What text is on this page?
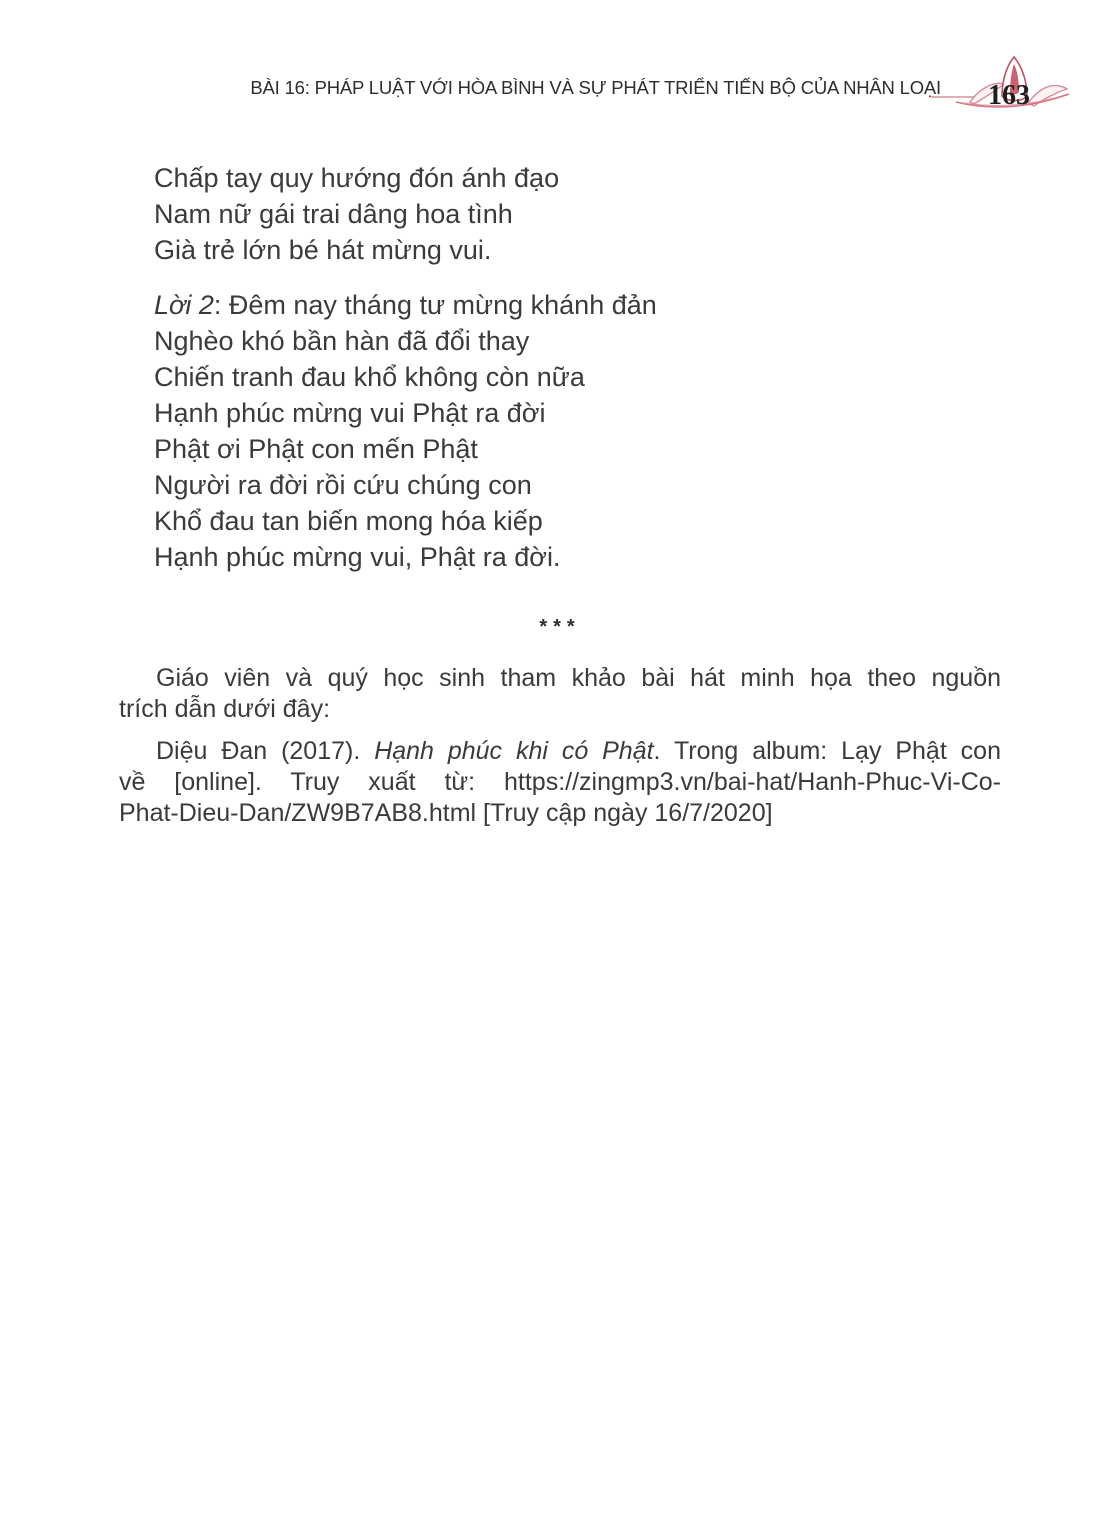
BÀI 16: PHÁP LUẬT VỚI HÒA BÌNH VÀ SỰ PHÁT TRIỂN TIẾN BỘ CỦA NHÂN LOẠI 163
Chấp tay quy hướng đón ánh đạo
Nam nữ gái trai dâng hoa tình
Già trẻ lớn bé hát mừng vui.
Lời 2: Đêm nay tháng tư mừng khánh đản
Nghèo khó bần hàn đã đổi thay
Chiến tranh đau khổ không còn nữa
Hạnh phúc mừng vui Phật ra đời
Phật ơi Phật con mến Phật
Người ra đời rồi cứu chúng con
Khổ đau tan biến mong hóa kiếp
Hạnh phúc mừng vui, Phật ra đời.
***
Giáo viên và quý học sinh tham khảo bài hát minh họa theo nguồn
trích dẫn dưới đây:
Diệu Đan (2017). Hạnh phúc khi có Phật. Trong album: Lạy Phật con
về [online]. Truy xuất từ: https://zingmp3.vn/bai-hat/Hanh-Phuc-Vi-Co-
Phat-Dieu-Dan/ZW9B7AB8.html [Truy cập ngày 16/7/2020]
